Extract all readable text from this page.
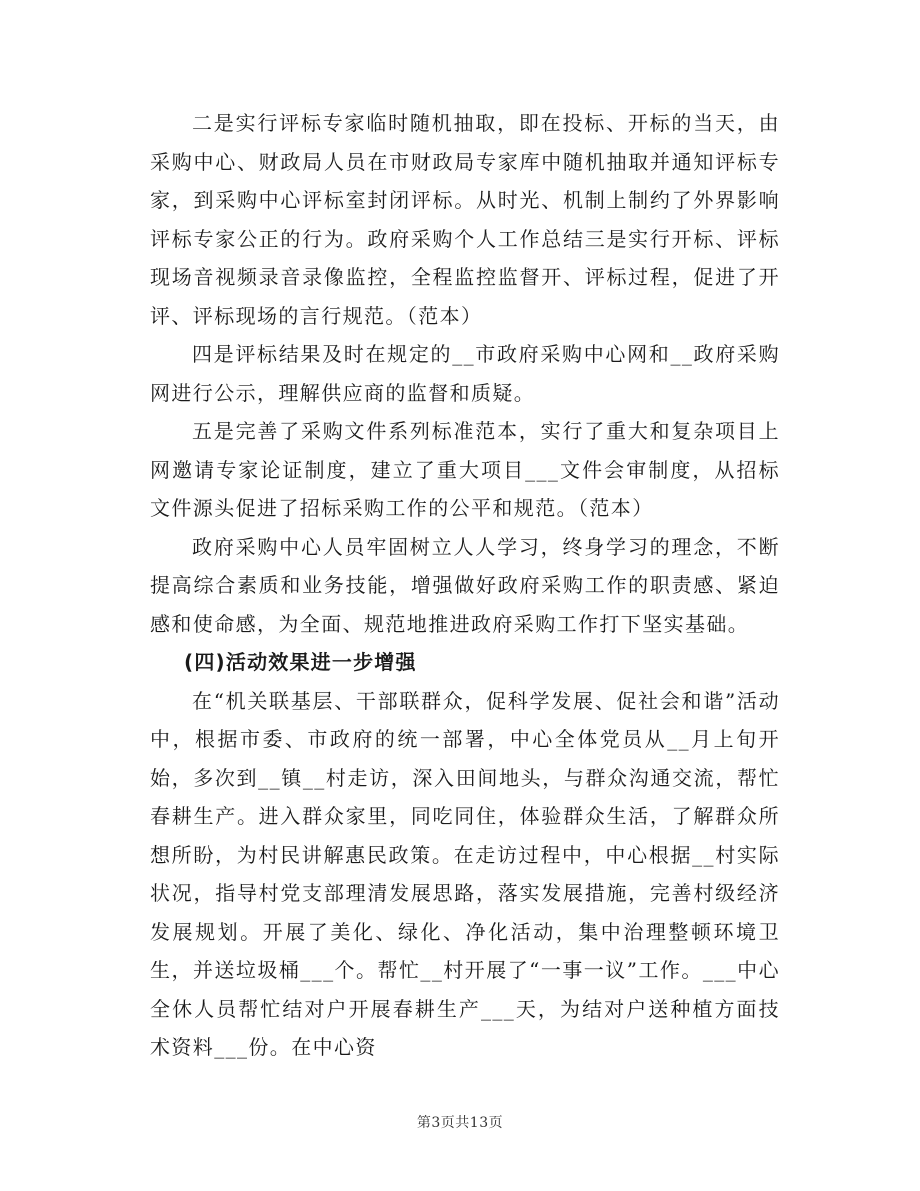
二是实行评标专家临时随机抽取，即在投标、开标的当天，由采购中心、财政局人员在市财政局专家库中随机抽取并通知评标专家，到采购中心评标室封闭评标。从时光、机制上制约了外界影响评标专家公正的行为。政府采购个人工作总结三是实行开标、评标现场音视频录音录像监控，全程监控监督开、评标过程，促进了开评、评标现场的言行规范。（范本）

四是评标结果及时在规定的__市政府采购中心网和__政府采购网进行公示，理解供应商的监督和质疑。

五是完善了采购文件系列标准范本，实行了重大和复杂项目上网邀请专家论证制度，建立了重大项目___文件会审制度，从招标文件源头促进了招标采购工作的公平和规范。（范本）

政府采购中心人员牢固树立人人学习，终身学习的理念，不断提高综合素质和业务技能，增强做好政府采购工作的职责感、紧迫感和使命感，为全面、规范地推进政府采购工作打下坚实基础。

(四)活动效果进一步增强

在“机关联基层、干部联群众，促科学发展、促社会和谐”活动中，根据市委、市政府的统一部署，中心全体党员从__月上旬开始，多次到__镇__村走访，深入田间地头，与群众沟通交流，帮忙春耕生产。进入群众家里，同吃同住，体验群众生活，了解群众所想所盼，为村民讲解惠民政策。在走访过程中，中心根据__村实际状况，指导村党支部理清发展思路，落实发展措施，完善村级经济发展规划。开展了美化、绿化、净化活动，集中治理整顿环境卫生，并送垃圾桶___个。帮忙__村开展了“一事一议”工作。___中心全休人员帮忙结对户开展春耕生产___天，为结对户送种植方面技术资料___份。在中心资

第3页共13页
